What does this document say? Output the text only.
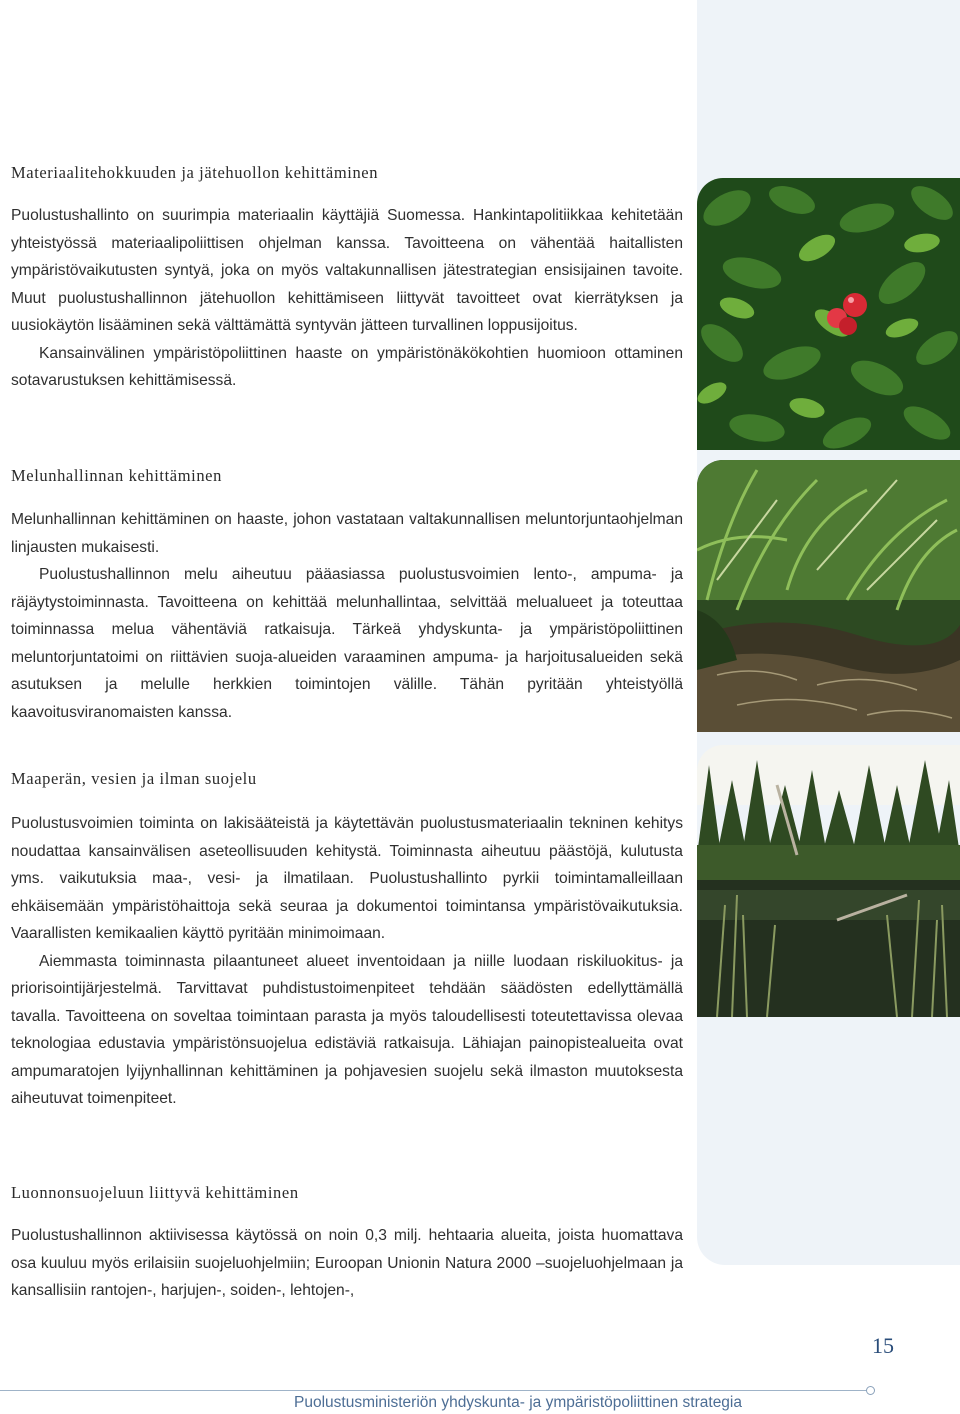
Materiaalitehokkuuden ja jätehuollon kehittäminen

Puolustushallinto on suurimpia materiaalin käyttäjiä Suomessa. Hankintapolitiikkaa kehitetään yhteistyössä materiaalipoliittisen ohjelman kanssa. Tavoitteena on vähentää haitallisten ympäristövaikutusten syntyä, joka on myös valtakunnallisen jätestrategian ensisijainen tavoite. Muut puolustushallinnon jätehuollon kehittämiseen liittyvät tavoitteet ovat kierrätyksen ja uusiokäytön lisääminen sekä välttämättä syntyvän jätteen turvallinen loppusijoitus.

Kansainvälinen ympäristöpoliittinen haaste on ympäristönäkökohtien huomioon ottaminen sotavarustuksen kehittämisessä.

Melunhallinnan kehittäminen

Melunhallinnan kehittäminen on haaste, johon vastataan valtakunnallisen meluntorjuntaohjelman linjausten mukaisesti.

Puolustushallinnon melu aiheutuu pääasiassa puolustusvoimien lento-, ampuma- ja räjäytystoiminnasta. Tavoitteena on kehittää melunhallintaa, selvittää melualueet ja toteuttaa toiminnassa melua vähentäviä ratkaisuja. Tärkeä yhdyskunta- ja ympäristöpoliittinen meluntorjuntatoimi on riittävien suoja-alueiden varaaminen ampuma- ja harjoitusalueiden sekä asutuksen ja melulle herkkien toimintojen välille. Tähän pyritään yhteistyöllä kaavoitusviranomaisten kanssa.

Maaperän, vesien ja ilman suojelu

Puolustusvoimien toiminta on lakisääteistä ja käytettävän puolustusmateriaalin tekninen kehitys noudattaa kansainvälisen aseteollisuuden kehitystä. Toiminnasta aiheutuu päästöjä, kulutusta yms. vaikutuksia maa-, vesi- ja ilmatilaan. Puolustushallinto pyrkii toimintamalleillaan ehkäisemään ympäristöhaittoja sekä seuraa ja dokumentoi toimintansa ympäristövaikutuksia. Vaarallisten kemikaalien käyttö pyritään minimoimaan.

Aiemmasta toiminnasta pilaantuneet alueet inventoidaan ja niille luodaan riskiluokitus- ja priorisointijärjestelmä. Tarvittavat puhdistustoimenpiteet tehdään säädösten edellyttämällä tavalla. Tavoitteena on soveltaa toimintaan parasta ja myös taloudellisesti toteutettavissa olevaa teknologiaa edustavia ympäristönsuojelua edistäviä ratkaisuja. Lähiajan painopistealueita ovat ampumaratojen lyijynhallinnan kehittäminen ja pohjavesien suojelu sekä ilmaston muutoksesta aiheutuvat toimenpiteet.

Luonnonsuojeluun liittyvä kehittäminen

Puolustushallinnon aktiivisessa käytössä on noin 0,3 milj. hehtaaria alueita, joista huomattava osa kuuluu myös erilaisiin suojeluohjelmiin; Euroopan Unionin Natura 2000 –suojeluohjelmaan ja kansallisiin rantojen-, harjujen-, soiden-, lehtojen-,

15
Puolustusministeriön yhdyskunta- ja ympäristöpoliittinen strategia
